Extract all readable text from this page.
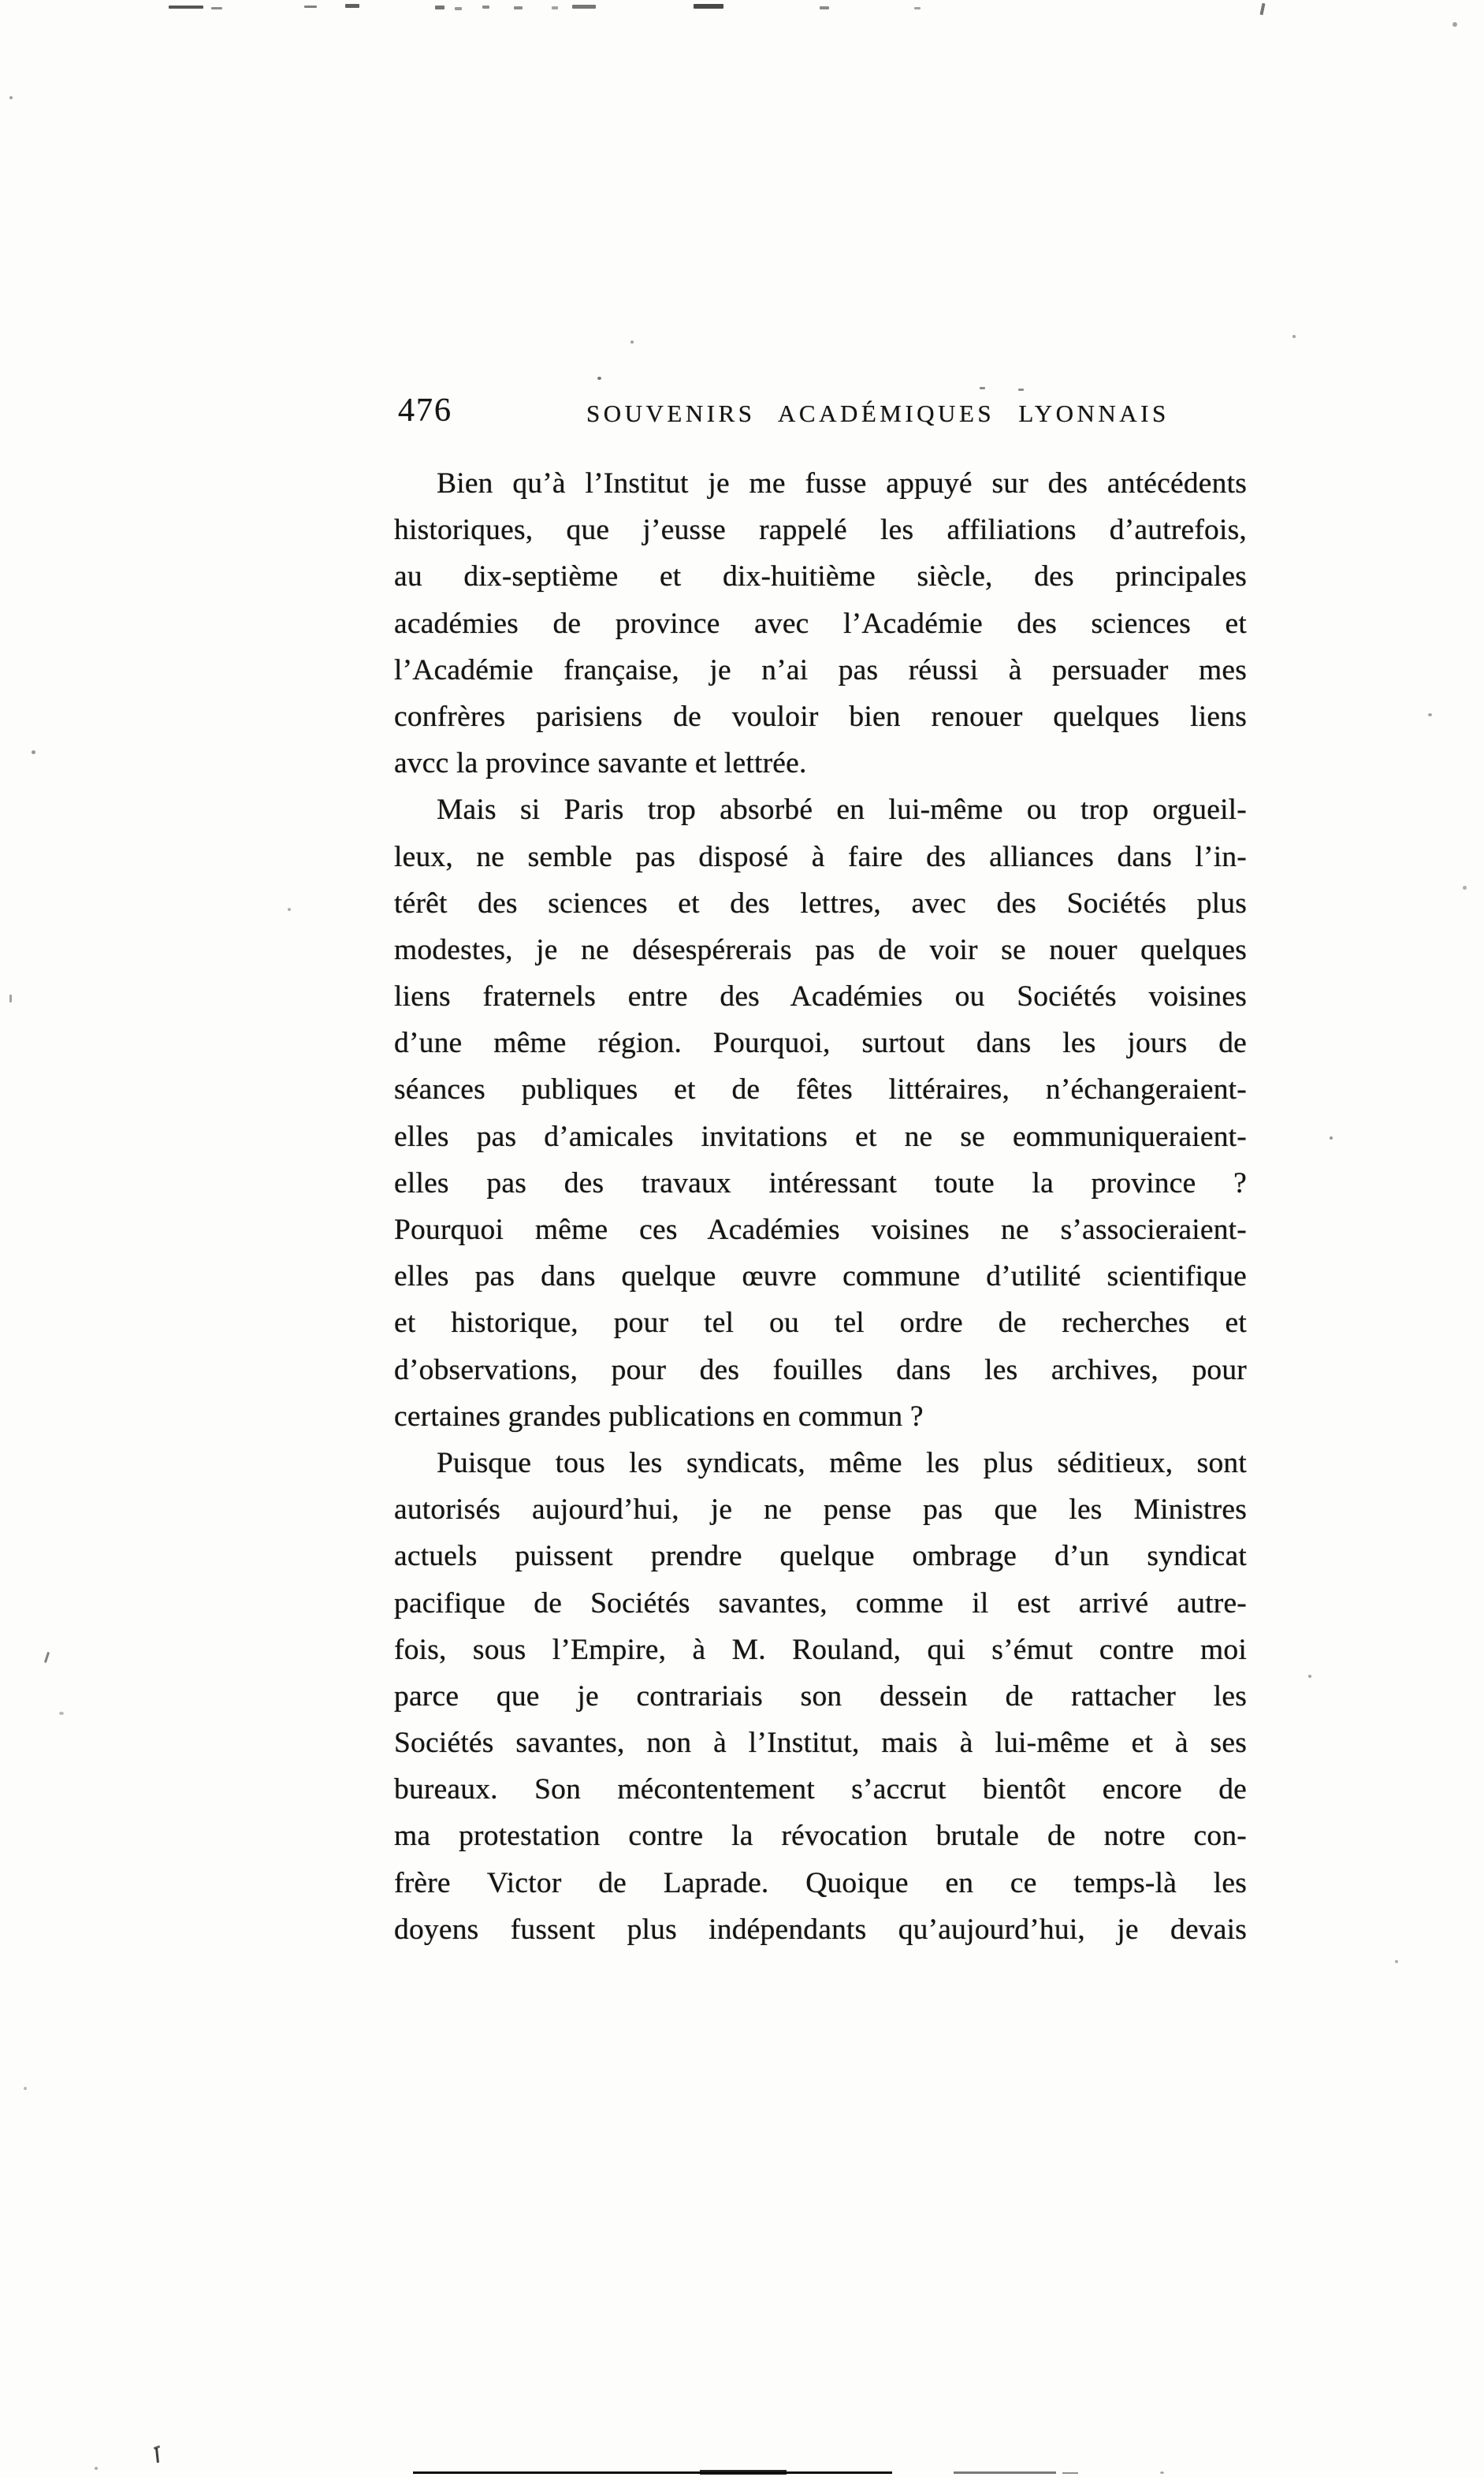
476	SOUVENIRS ACADÉMIQUES LYONNAIS
Bien qu’à l’Institut je me fusse appuyé sur des antécédents
historiques, que j’eusse rappelé les affiliations d’autrefois,
au dix-septième et dix-huitième siècle, des principales
académies de province avec l’Académie des sciences et
l’Académie française, je n’ai pas réussi à persuader mes
confrères parisiens de vouloir bien renouer quelques liens
avcc la province savante et lettrée.
Mais si Paris trop absorbé en lui-même ou trop orgueil-
leux, ne semble pas disposé à faire des alliances dans l’in-
térêt des sciences et des lettres, avec des Sociétés plus
modestes, je ne désespérerais pas de voir se nouer quelques
liens fraternels entre des Académies ou Sociétés voisines
d’une même région. Pourquoi, surtout dans les jours de
séances publiques et de fêtes littéraires, n’échangeraient-
elles pas d’amicales invitations et ne se eommuniqueraient-
elles pas des travaux intéressant toute la province ?
Pourquoi même ces Académies voisines ne s’associeraient-
elles pas dans quelque œuvre commune d’utilité scientifique
et historique, pour tel ou tel ordre de recherches et
d’observations, pour des fouilles dans les archives, pour
certaines grandes publications en commun ?
Puisque tous les syndicats, même les plus séditieux, sont
autorisés aujourd’hui, je ne pense pas que les Ministres
actuels puissent prendre quelque ombrage d’un syndicat
pacifique de Sociétés savantes, comme il est arrivé autre-
fois, sous l’Empire, à M. Rouland, qui s’émut contre moi
parce que je contrariais son dessein de rattacher les
Sociétés savantes, non à l’Institut, mais à lui-même et à ses
bureaux. Son mécontentement s’accrut bientôt encore de
ma protestation contre la révocation brutale de notre con-
frère Victor de Laprade. Quoique en ce temps-là les
doyens fussent plus indépendants qu’aujourd’hui, je devais
